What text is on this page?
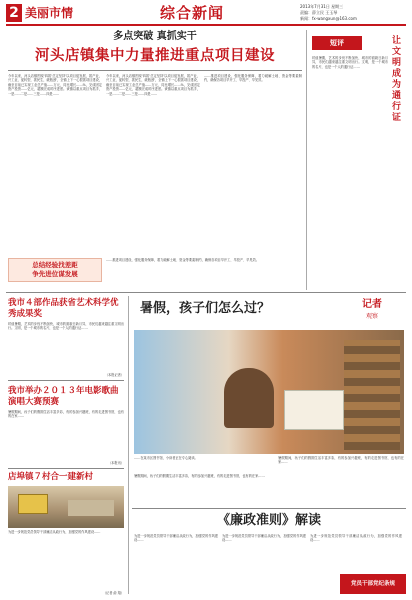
2 美丽市情	综合新闻	2013年7月31日 星期三
责编：薛立民 王玉琴
新闻：fx-wangxun@163.com
多点突破 真抓实干
河头店镇集中力量推进重点项目建设
今年以来，河头店镇围绕'四抓'总定坚持'以项目促发展，抓产业，兴工业，促转型，抓民生，破瓶颈'，全镇上下一心狠抓项目建设，截至目前已实现工业总产值……万元，同比增长……%，完成固定资产投资……亿元，超额完成时序进度。该镇以重点项目为抓手，一是……二是……三是……四是……
今年以来，河头店镇围绕'四抓'总定坚持'以项目促发展，抓产业，兴工业，促转型，抓民生，破瓶颈'，全镇上下一心狠抓项目建设，截至目前已实现工业总产值……万元，同比增长……%，完成固定资产投资……亿元，超额完成时序进度。该镇以重点项目为抓手，一是……二是……三是……四是……
……推进项目建设，强化服务保障，着力破解土地、资金等要素制约，确保各项目早开工、早投产、早见效。
总结经验找差距
争先进位谋发展
……推进项目建设，强化服务保障，着力破解土地、资金等要素制约，确保各项目早开工、早投产、早见效。
短评	让文明成为通行证
时值暑期，艺术的步伐不断加快，城市的面貌日新月异，市民们越来越注重文明出行。文明，是一个城市的名片，也是一个人的通行证……
我市４部作品获省艺术科学优秀成果奖
时值暑期，艺术的步伐不断加快，城市的面貌日新月异，市民们越来越注重文明出行。文明，是一个城市的名片，也是一个人的通行证……
（本报记者）
我市举办２０１３年电影歌曲演唱大赛预赛
暑假期间，孩子们的假期生活丰富多彩，有的参加兴趣班，有的走进图书馆，也有的在家……
（本报讯）
店埠镇７村合一建新村
为进一步规范党员领导干部廉洁从政行为，加强党的作风建设……
（记者 俞 翔）
暑假，孩子们怎么过？	记者
观察
……在某市区图书馆，小读者正在专心阅读。	暑假期间，孩子们的假期生活丰富多彩，有的参加兴趣班，有的走进图书馆，也有的在家……
暑假期间，孩子们的假期生活丰富多彩，有的参加兴趣班，有的走进图书馆，也有的在家……
《廉政准则》解读
为进一步规范党员领导干部廉洁从政行为，加强党的作风建设……
为进一步规范党员领导干部廉洁从政行为，加强党的作风建设……
为进一步规范党员领导干部廉洁从政行为，加强党的作风建设……
党员干部党纪条规
